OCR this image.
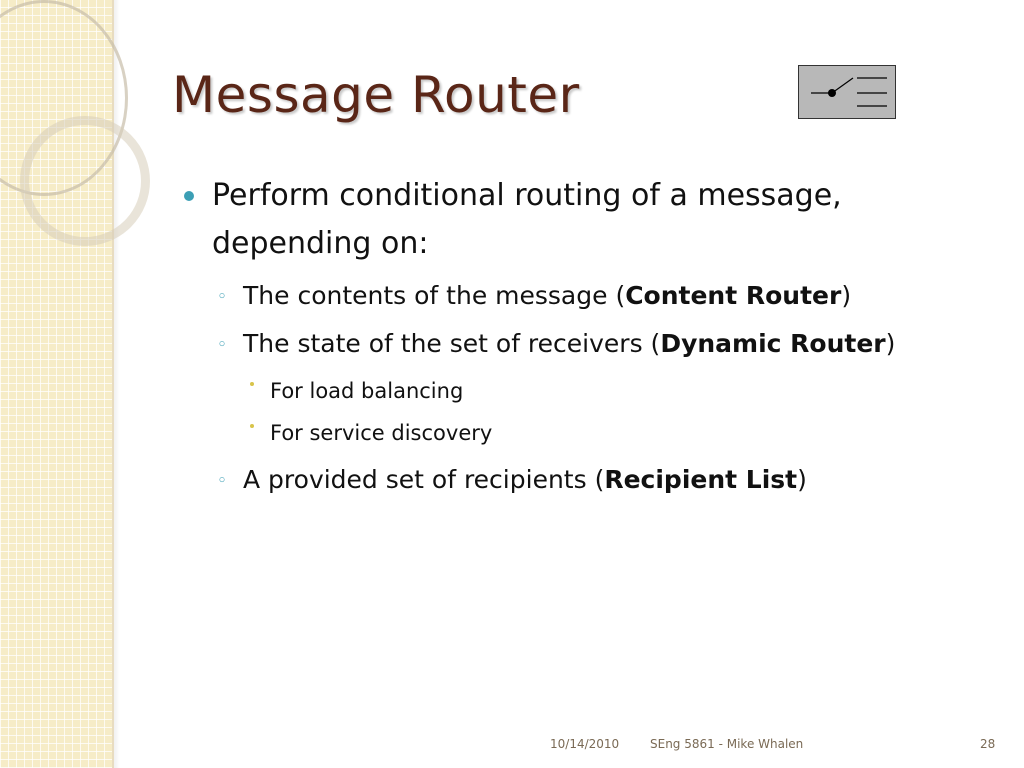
Message Router

Perform conditional routing of a message, depending on:

◦ The contents of the message (Content Router)

◦ The state of the set of receivers (Dynamic Router)

For load balancing

For service discovery

◦ A provided set of recipients (Recipient List)

10/14/2010	SEng 5861 - Mike Whalen	28
